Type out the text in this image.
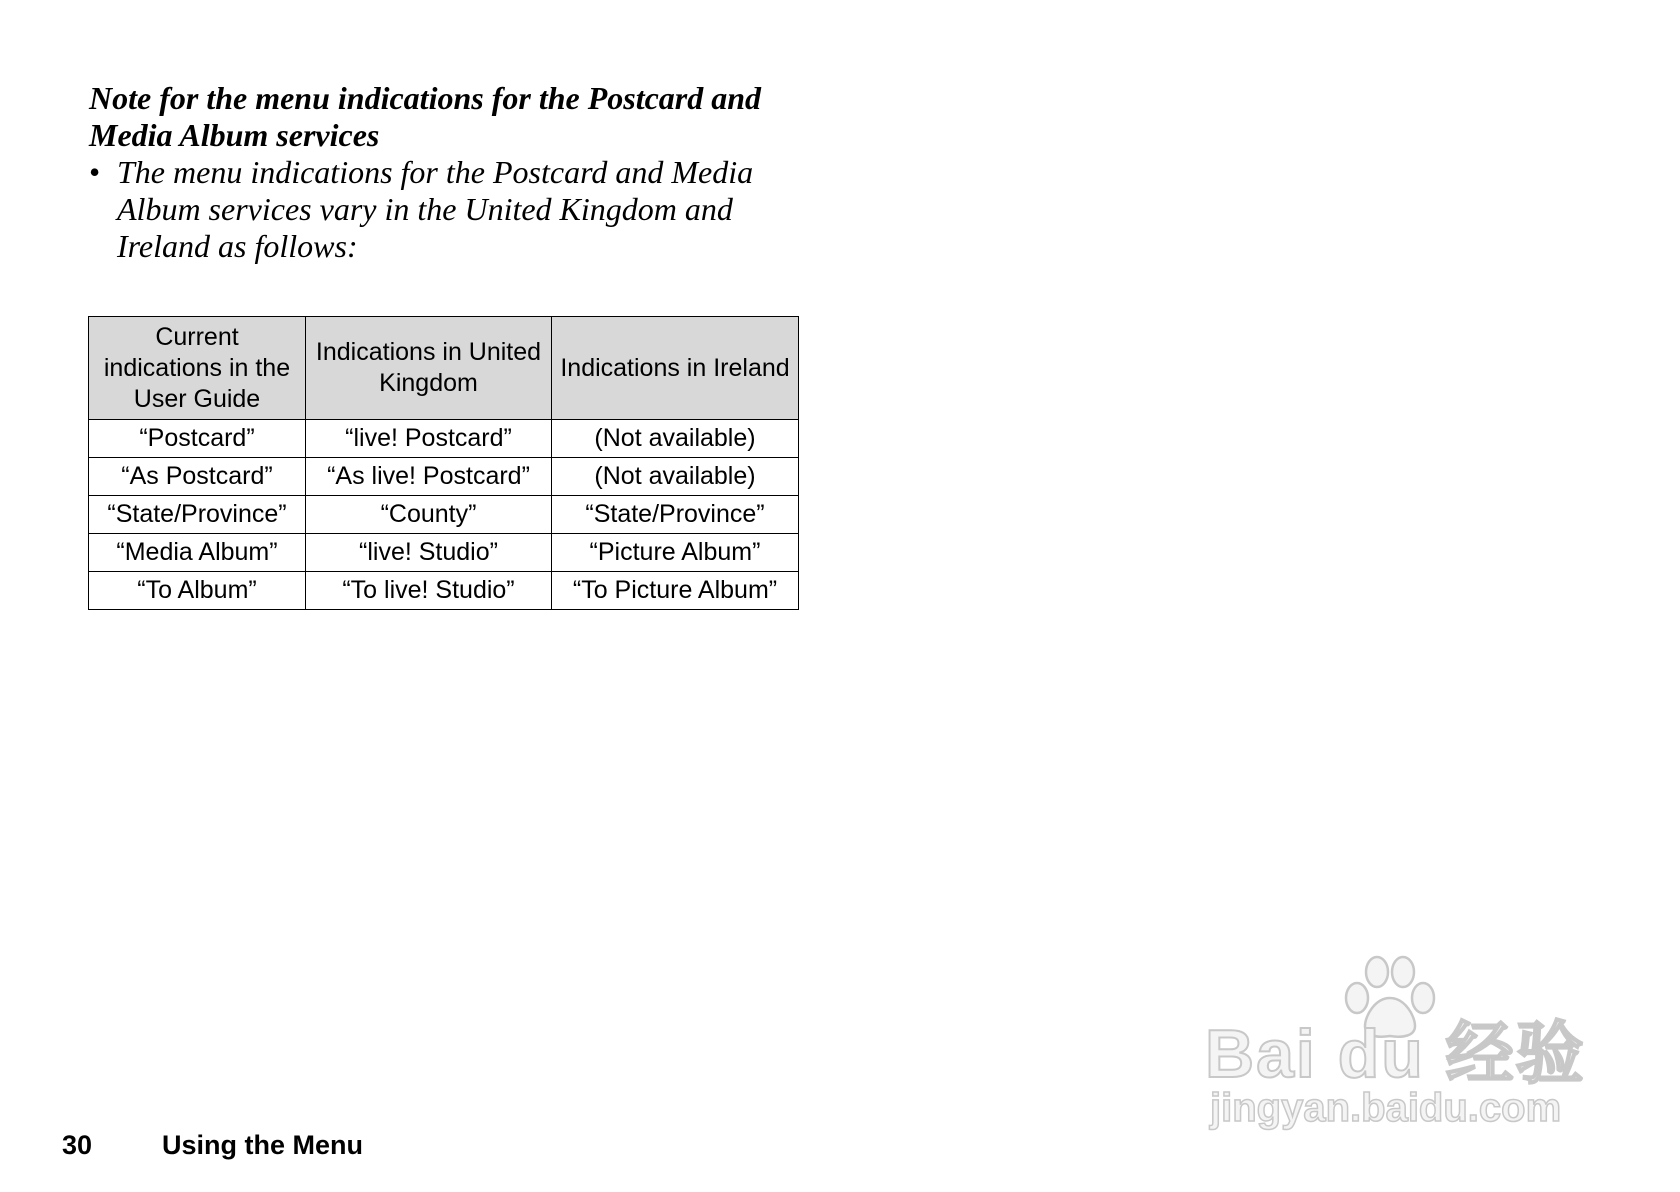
Note for the menu indications for the Postcard and
Media Album services

• The menu indications for the Postcard and Media Album services vary in the United Kingdom and Ireland as follows:
Current indications in the User Guide	Indications in United Kingdom	Indications in Ireland
“Postcard”	“live! Postcard”	(Not available)
“As Postcard”	“As live! Postcard”	(Not available)
“State/Province”	“County”	“State/Province”
“Media Album”	“live! Studio”	“Picture Album”
“To Album”	“To live! Studio”	“To Picture Album”
30	Using the Menu
Bai du 经验
jingyan.baidu.com
